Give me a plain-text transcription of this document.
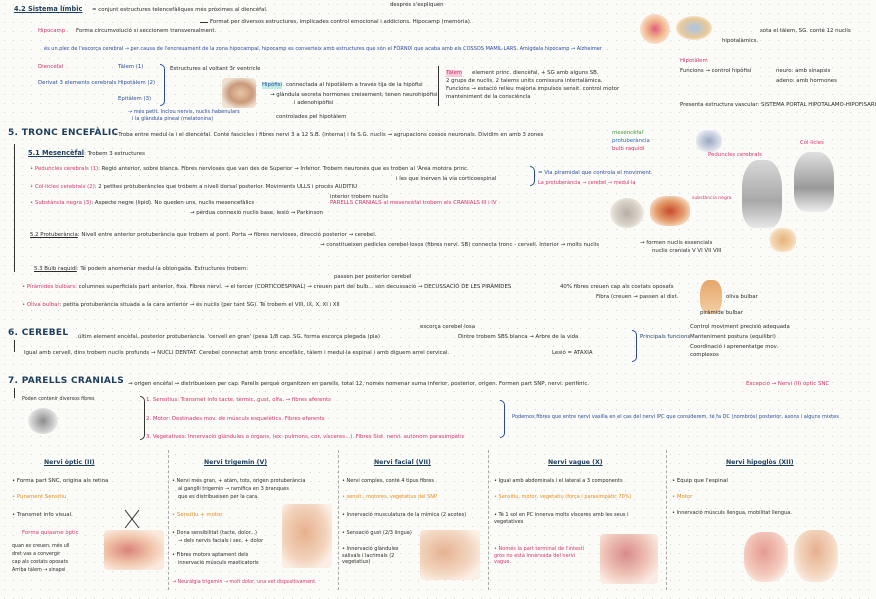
4.2 Sistema límbic = conjunt estructures telencefàliques més pròximes al diencèfal.
després s'expliquen
Format per diversos estructures, implicades control emocional i addicions. Hipocamp (memòria).
Hipocamp Forma circumvolució si seccionem transversalment.
és un plec de l'escorça cerebral → per causa de l'encreuament de la zona hipocampal, hipocamp es converteix amb estructures que són el FÓRNIX que acaba amb els COSSOS MAMIL·LARS. Amígdala hipocamp → Alzheimer
Diencèfal
Derivat 3 elements cerebrals
Tàlem (1)
Hipotàlem (2)
Epitàlem (3)
Estructures al voltant 3r ventricle
→ més petit. Inclou nervis, nuclis habenulars
i la glàndula pineal (melatonina)
Hipòfisi connectada al hipotàlem a través tija de la hipòfisi
→ glàndula secreta hormones creixement, tenen neurohipòfisi
i adenohipòfisi
controlades pel hipotàlem
Tàlem element princ. diencèfal, + SG amb alguns SB.
2 grups de nuclis, 2 talems units comissura intertalàmica.
Funcions → estació relleu majoria impulsos sensit. control motor
manteniment de la consciència
sota el tàlem, SG. conté 12 nuclis
hipotalàmics.
Hipotàlem
Funcions → control hipòfisi	neuro: amb sinapsis
adeno: amb hormones
Presenta estructura vascular: SISTEMA PORTAL HIPOTALAMO-HIPOFISARI
5. TRONC ENCEFÀLIC
→ Troba entre medul·la i el diencèfal. Conté fascicles i fibres nervi 3 a 12 S.B. (interna) i fa S.G. nuclis → agrupacions cossos neuronals. Dividim en amb 3 zones	mesencèfal
protuberància
bulb raquidi
5.1 Mesencèfal: Trobem 3 estructures
• Peduncles cerebrals (1): Regió anterior, sobre blanca. Fibres nervioses que van des de Superior → Inferior. Trobem neurones que es troben al 'Àrea motora princ.
i les que inerven la via corticoespinal
= Via piramidal que controla el moviment.
La protuberància → cerebel → medul·la
• Col·licles cerebrals (2): 2 petites protuberàncies que trobem a nivell dorsal posterior. Moviments ULLS i procés AUDITIU
interior trobem nuclis
• Substància negra (3): Aspecte negre (lipid). No queden uns, nuclis mesencefàlics	PARELLS CRANIALS al mesencèfal trobem els CRANIALS III i IV
→ pèrdua connexió nuclis base, lesió → Parkinson
substància negra
Peduncles cerebrals
Col·licles
5.2 Protuberància: Nivell entre anterior protuberància que trobem al pont. Porta → fibres nervioses, direcció posterior → cerebel.
→ constitueixen pedicles cerebel·losos (fibres nervi. SB) connecta tronc - cervell. Interior → molts nuclis	→ formen nuclis essencials
nuclis cranials V VI VII VIII
5.3 Bulb raquidi: Té podem anomenar medul·la oblongada. Estructures trobem:
passen per posterior cerebel
• Piràmides bulbars: columnes superficials part anterior, fixa. Fibres nervi. → el tercer (CORTICOESPINAL) → creuen part del bulb... són decussació → DECUSSACIÓ DE LES PIRÀMIDES	40% fibres creuen cap als costats oposats
Fibra (creuen → passen al dist.
• Oliva bulbar: petita protuberància situada a la cara anterior → és nuclis (per tant SG). Té trobem el VIII, IX, X, XI i XII
oliva bulbar
piràmide bulbar
6. CEREBEL últim element encèfal, posterior protuberància. 'cervell en gran' (pesa 1/8 cap. SG. forma escorça plegada (pla)
escorça cerebel·losa
Dintre trobem SBS blanca → Arbre de la vida
Igual amb cervell, dins trobem nuclis profunds → NUCLI DENTAT. Cerebel connectat amb tronc encefàlic, tàlem i medul·la espinal i amb diguem arrel cervical.	Lesió = ATAXIA
Principals funcions
Control moviment precisió adequada
Manteniment postura (equilibri)
Coordinació i aprenentatge mov.
complexos
7. PARELLS CRANIALS → origen encèfal → distribueixen per cap. Parells perquè organitzen en parells, total 12, només nomenar suma inferior, posterior, origen. Formen part SNP, nervi. perifèric.	Excepció → Nervi (II) òptic SNC
Poden contenir diversos fibres	1. Sensitius: Transmet info tacte, tèrmic, gust, olfa. → fibres aferents
2. Motor: Destinades mov. de músculs esquelètics. Fibres eferents
3. Vegetatives: Innervació glàndules o òrgans, (ex: pulmons, cor, vísceres...). Fibres Sist. nervi. autònom parasimpàtic
Podemos fibres que entre nervi vasilla en el cas del nervi IPC que considerem. té fa DC (nombrós) posterior, axons i alguns mixtes
Nervi òptic (II)
• Forma part SNC, origina als retina
• Purament Sensitiu
• Transmet info visual.
Forma quiasme òptic
quan es creuen, més ull
dret vas a convergir
cap als costats oposats
Arriba tàlem → sinapsi
Nervi trigemin (V)
• Nervi més gran, + atàm, tots, origen protuberància
al ganglli trigemin → ramifica en 3 branques
que es distribueixen per la cara.
• Sensitiu + motor
• Dona sensibilitat (tacte, dolor...)
→ dels nervis facials i sec. + dolor
• Fibres motors aptament dels
innervació músculs masticatoris
→ Neuràlgia trigemin → molt dolor, una vet dispositivament.
Nervi facial (VII)
• Nervi complex, conté 4 tipus fibres
• sensit., motores, vegetatius del SNP.
• Innervació musculatura de la mímica (2 acotes)
• Sensació gust (2/3 lingua)
• Innervació glàndules salivals i lacrimals (2 vegetatius)
Nervi vague (X)
• Igual amb abdominals i el lateral a 3 components
• Sensitiu, motor, vegetatiu (força i parasimpàtic 70%)
• Té 1 sol en PC innerva molts vísceres amb les seus i vegetatives
• Només la part terminal de l'intestí gros no està innervada del nervi vague.
Nervi hipoglòs (XII)
• Equip que l'espinal
• Motor
• Innervació músculs llengua, mobilitat llengua.
